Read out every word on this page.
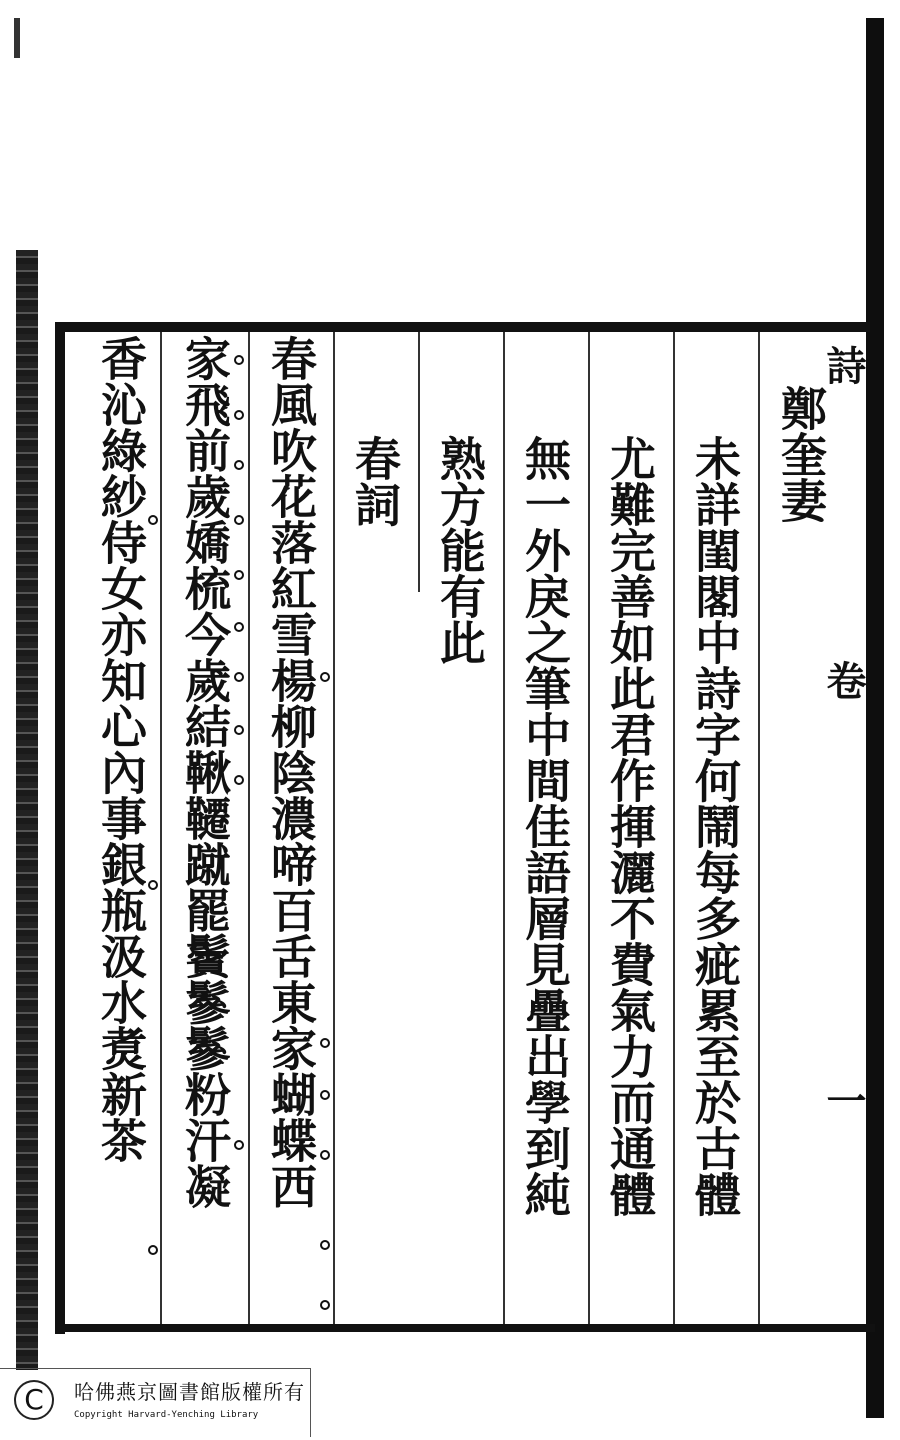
鄭奎妻
未詳閨閣中詩字何鬧每多疵累至於古體
尤難完善如此君作揮灑不費氣力而通體
無一外戾之筆中間佳語層見疊出學到純
熟方能有此
春詞
春風吹花落紅雪楊柳陰濃啼百舌東家蝴蝶西
家飛前歲嬌梳今歲結鞦韆蹴罷鬢鬖鬖粉汗凝
香沁綠紗侍女亦知心內事銀瓶汲水煑新茶	詩
卷
一
C	哈佛燕京圖書館版權所有
Copyright Harvard-Yenching Library
